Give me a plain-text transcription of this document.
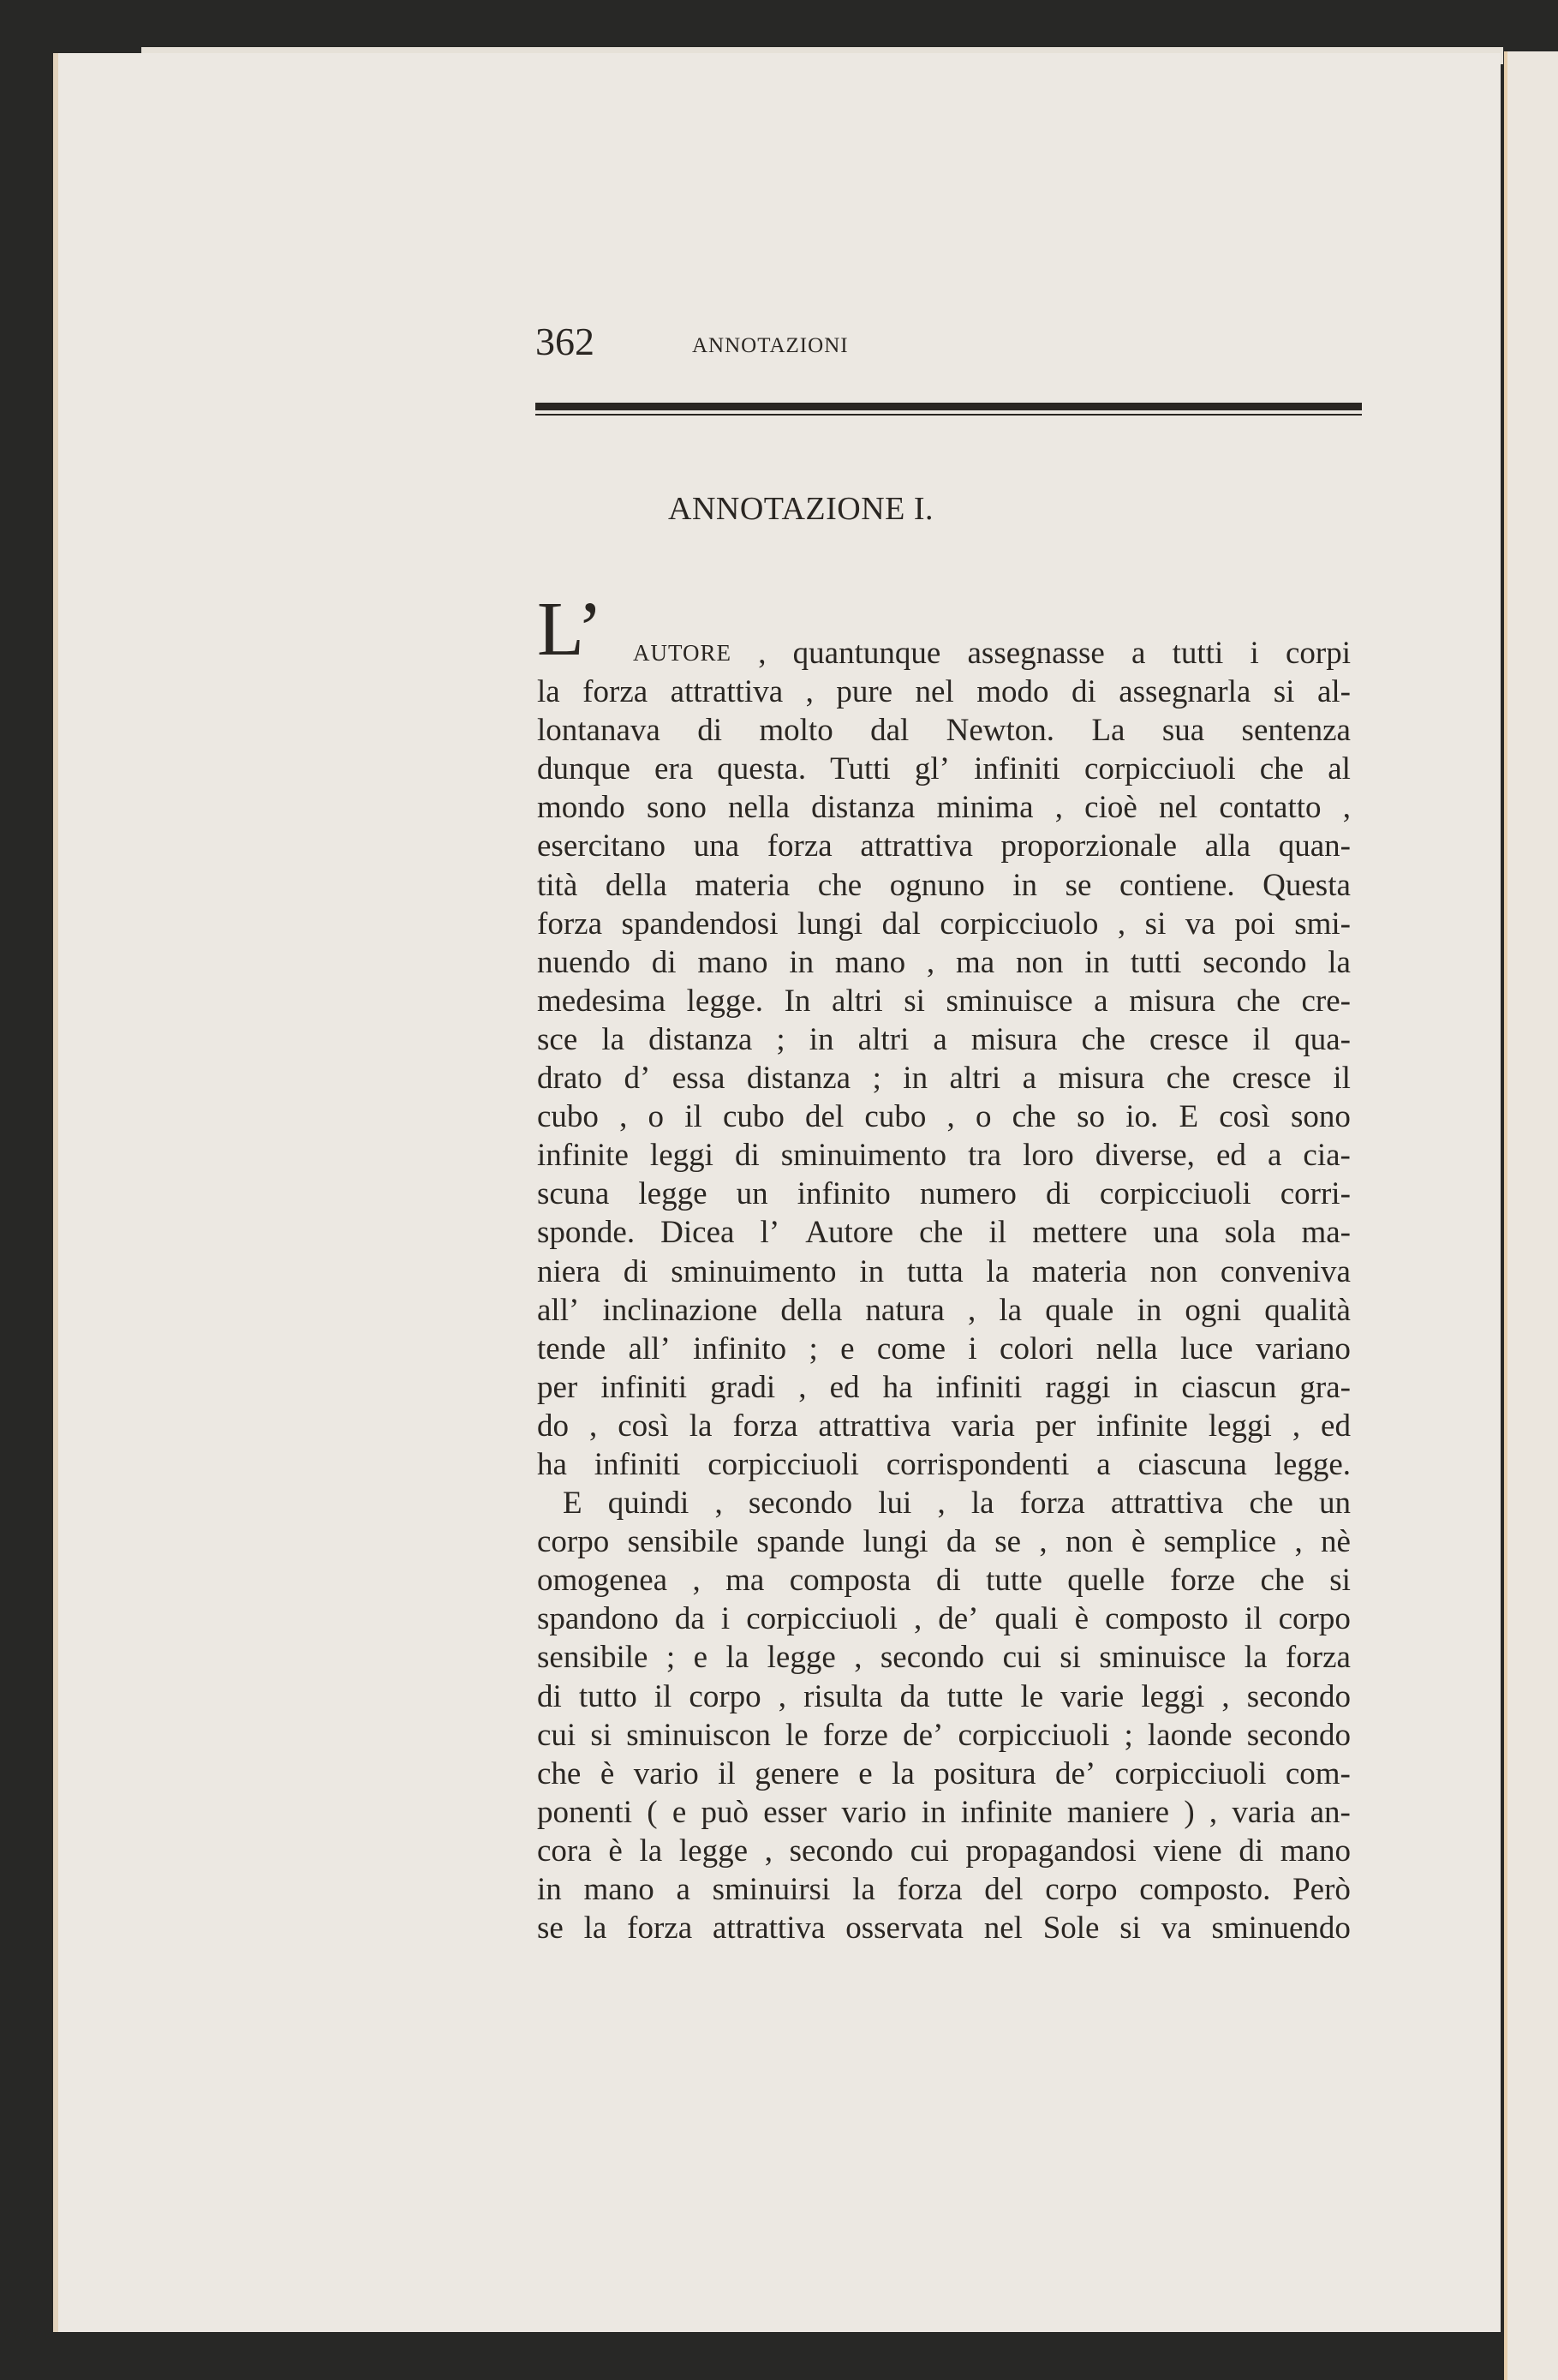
362	ANNOTAZIONI
ANNOTAZIONE I.
L’ AUTORE , quantunque assegnasse a tutti i corpi
la forza attrattiva , pure nel modo di assegnarla si al-
lontanava di molto dal Newton. La sua sentenza
dunque era questa. Tutti gl’ infiniti corpicciuoli che al
mondo sono nella distanza minima , cioè nel contatto ,
esercitano una forza attrattiva proporzionale alla quan-
tità della materia che ognuno in se contiene. Questa
forza spandendosi lungi dal corpicciuolo , si va poi smi-
nuendo di mano in mano , ma non in tutti secondo la
medesima legge. In altri si sminuisce a misura che cre-
sce la distanza ; in altri a misura che cresce il qua-
drato d’ essa distanza ; in altri a misura che cresce il
cubo , o il cubo del cubo , o che so io. E così sono
infinite leggi di sminuimento tra loro diverse, ed a cia-
scuna legge un infinito numero di corpicciuoli corri-
sponde. Dicea l’ Autore che il mettere una sola ma-
niera di sminuimento in tutta la materia non conveniva
all’ inclinazione della natura , la quale in ogni qualità
tende all’ infinito ; e come i colori nella luce variano
per infiniti gradi , ed ha infiniti raggi in ciascun gra-
do , così la forza attrattiva varia per infinite leggi , ed
ha infiniti corpicciuoli corrispondenti a ciascuna legge.
E quindi , secondo lui , la forza attrattiva che un
corpo sensibile spande lungi da se , non è semplice , nè
omogenea , ma composta di tutte quelle forze che si
spandono da i corpicciuoli , de’ quali è composto il corpo
sensibile ; e la legge , secondo cui si sminuisce la forza
di tutto il corpo , risulta da tutte le varie leggi , secondo
cui si sminuiscon le forze de’ corpicciuoli ; laonde secondo
che è vario il genere e la positura de’ corpicciuoli com-
ponenti ( e può esser vario in infinite maniere ) , varia an-
cora è la legge , secondo cui propagandosi viene di mano
in mano a sminuirsi la forza del corpo composto. Però
se la forza attrattiva osservata nel Sole si va sminuendo
